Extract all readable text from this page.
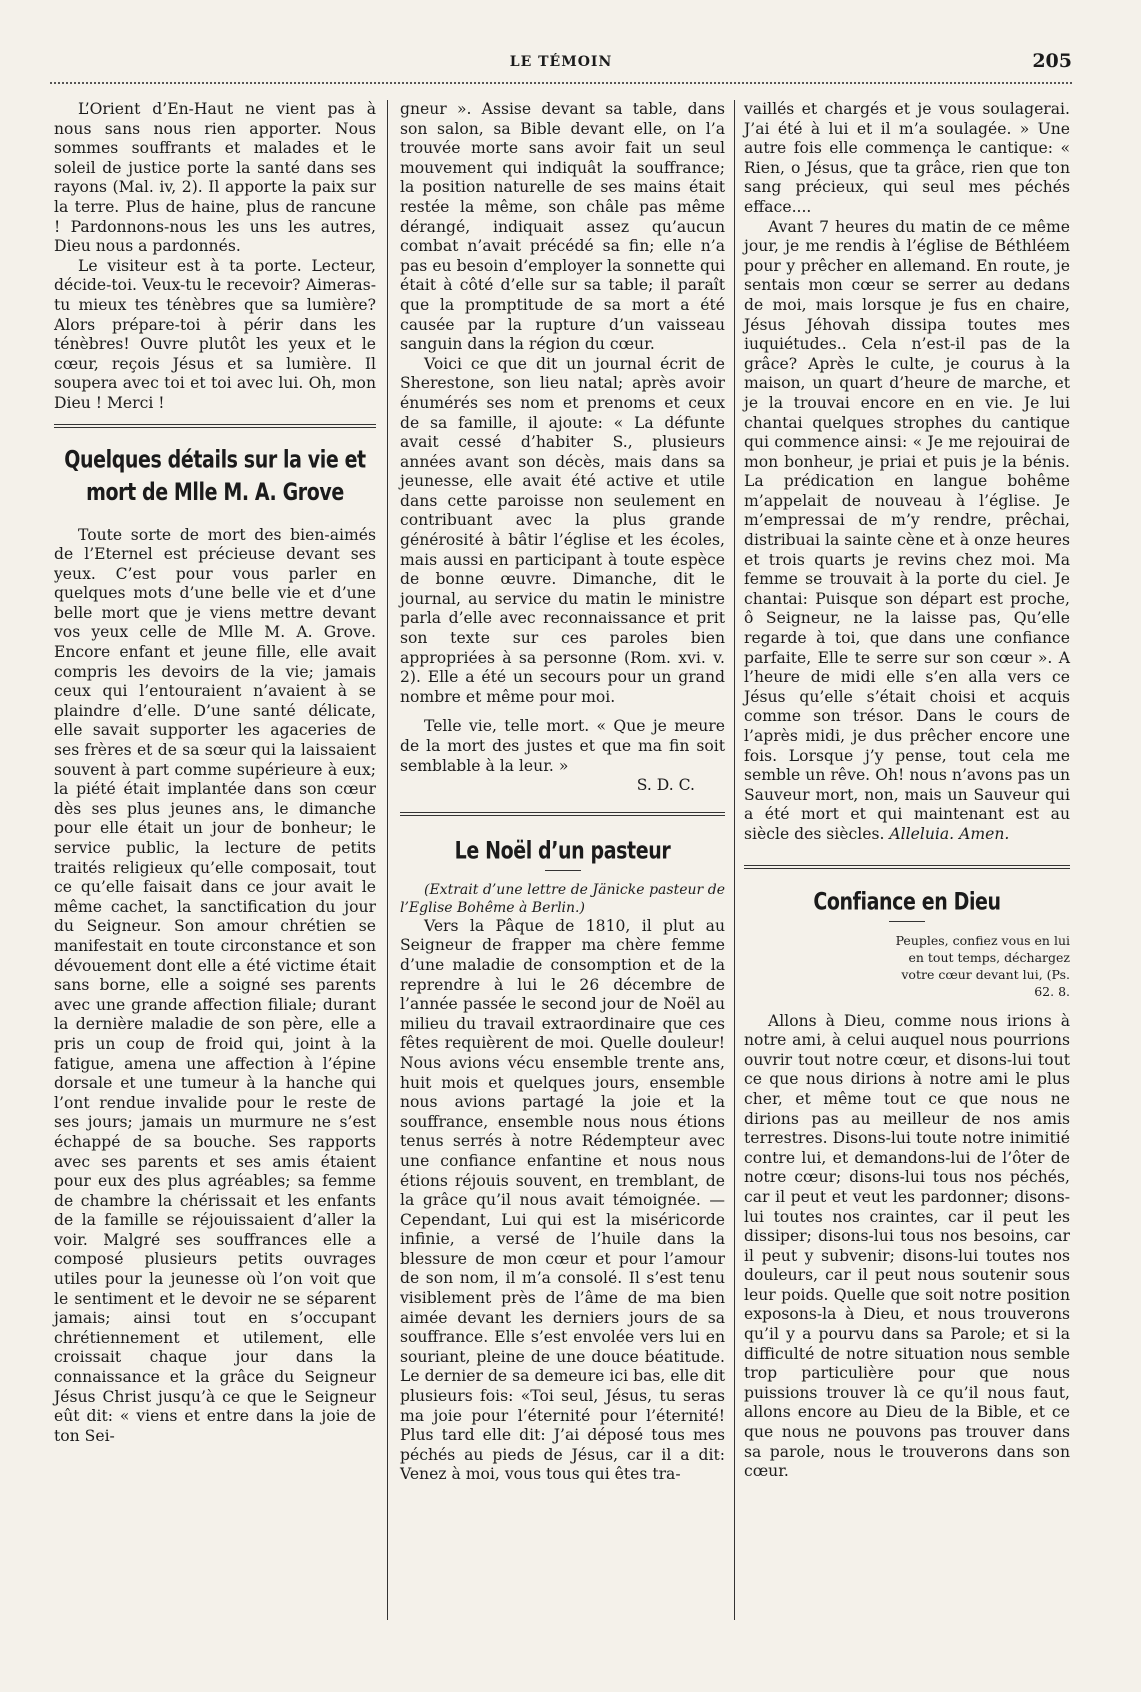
LE TÉMOIN	205

L’Orient d’En-Haut ne vient pas à nous sans nous rien apporter. Nous sommes souffrants et malades et le soleil de justice porte la santé dans ses rayons (Mal. iv, 2). Il apporte la paix sur la terre. Plus de haine, plus de rancune ! Pardonnons-nous les uns les autres, Dieu nous a pardonnés.

Le visiteur est à ta porte. Lecteur, décide-toi. Veux-tu le recevoir? Aimeras-tu mieux tes ténèbres que sa lumière? Alors prépare-toi à périr dans les ténèbres! Ouvre plutôt les yeux et le cœur, reçois Jésus et sa lumière. Il soupera avec toi et toi avec lui. Oh, mon Dieu ! Merci !

Quelques détails sur la vie et mort de Mlle M. A. Grove

Toute sorte de mort des bien-aimés de l’Eternel est précieuse devant ses yeux. C’est pour vous parler en quelques mots d’une belle vie et d’une belle mort que je viens mettre devant vos yeux celle de Mlle M. A. Grove. Encore enfant et jeune fille, elle avait compris les devoirs de la vie; jamais ceux qui l’entouraient n’avaient à se plaindre d’elle. D’une santé délicate, elle savait supporter les agaceries de ses frères et de sa sœur qui la laissaient souvent à part comme supérieure à eux; la piété était implantée dans son cœur dès ses plus jeunes ans, le dimanche pour elle était un jour de bonheur; le service public, la lecture de petits traités religieux qu’elle composait, tout ce qu’elle faisait dans ce jour avait le même cachet, la sanctification du jour du Seigneur. Son amour chrétien se manifestait en toute circonstance et son dévouement dont elle a été victime était sans borne, elle a soigné ses parents avec une grande affection filiale; durant la dernière maladie de son père, elle a pris un coup de froid qui, joint à la fatigue, amena une affection à l’épine dorsale et une tumeur à la hanche qui l’ont rendue invalide pour le reste de ses jours; jamais un murmure ne s’est échappé de sa bouche. Ses rapports avec ses parents et ses amis étaient pour eux des plus agréables; sa femme de chambre la chérissait et les enfants de la famille se réjouissaient d’aller la voir. Malgré ses souffrances elle a composé plusieurs petits ouvrages utiles pour la jeunesse où l’on voit que le sentiment et le devoir ne se séparent jamais; ainsi tout en s’occupant chrétiennement et utilement, elle croissait chaque jour dans la connaissance et la grâce du Seigneur Jésus Christ jusqu’à ce que le Seigneur eût dit: « viens et entre dans la joie de ton Sei-

gneur ». Assise devant sa table, dans son salon, sa Bible devant elle, on l’a trouvée morte sans avoir fait un seul mouvement qui indiquât la souffrance; la position naturelle de ses mains était restée la même, son châle pas même dérangé, indiquait assez qu’aucun combat n’avait précédé sa fin; elle n’a pas eu besoin d’employer la sonnette qui était à côté d’elle sur sa table; il paraît que la promptitude de sa mort a été causée par la rupture d’un vaisseau sanguin dans la région du cœur.

Voici ce que dit un journal écrit de Sherestone, son lieu natal; après avoir énumérés ses nom et prenoms et ceux de sa famille, il ajoute: « La défunte avait cessé d’habiter S., plusieurs années avant son décès, mais dans sa jeunesse, elle avait été active et utile dans cette paroisse non seulement en contribuant avec la plus grande générosité à bâtir l’église et les écoles, mais aussi en participant à toute espèce de bonne œuvre. Dimanche, dit le journal, au service du matin le ministre parla d’elle avec reconnaissance et prit son texte sur ces paroles bien appropriées à sa personne (Rom. xvi. v. 2). Elle a été un secours pour un grand nombre et même pour moi.

Telle vie, telle mort. « Que je meure de la mort des justes et que ma fin soit semblable à la leur. »

S. D. C.

Le Noël d’un pasteur

(Extrait d’une lettre de Jänicke pasteur de l’Eglise Bohême à Berlin.)

Vers la Pâque de 1810, il plut au Seigneur de frapper ma chère femme d’une maladie de consomption et de la reprendre à lui le 26 décembre de l’année passée le second jour de Noël au milieu du travail extraordinaire que ces fêtes requièrent de moi. Quelle douleur! Nous avions vécu ensemble trente ans, huit mois et quelques jours, ensemble nous avions partagé la joie et la souffrance, ensemble nous nous étions tenus serrés à notre Rédempteur avec une confiance enfantine et nous nous étions réjouis souvent, en tremblant, de la grâce qu’il nous avait témoignée. — Cependant, Lui qui est la miséricorde infinie, a versé de l’huile dans la blessure de mon cœur et pour l’amour de son nom, il m’a consolé. Il s’est tenu visiblement près de l’âme de ma bien aimée devant les derniers jours de sa souffrance. Elle s’est envolée vers lui en souriant, pleine de une douce béatitude. Le dernier de sa demeure ici bas, elle dit plusieurs fois: «Toi seul, Jésus, tu seras ma joie pour l’éternité pour l’éternité! Plus tard elle dit: J’ai déposé tous mes péchés au pieds de Jésus, car il a dit: Venez à moi, vous tous qui êtes tra-

vaillés et chargés et je vous soulagerai. J’ai été à lui et il m’a soulagée. » Une autre fois elle commença le cantique: « Rien, o Jésus, que ta grâce, rien que ton sang précieux, qui seul mes péchés efface....

Avant 7 heures du matin de ce même jour, je me rendis à l’église de Béthléem pour y prêcher en allemand. En route, je sentais mon cœur se serrer au dedans de moi, mais lorsque je fus en chaire, Jésus Jéhovah dissipa toutes mes iuquiétudes.. Cela n’est-il pas de la grâce? Après le culte, je courus à la maison, un quart d’heure de marche, et je la trouvai encore en en vie. Je lui chantai quelques strophes du cantique qui commence ainsi: « Je me rejouirai de mon bonheur, je priai et puis je la bénis. La prédication en langue bohême m’appelait de nouveau à l’église. Je m’empressai de m’y rendre, prêchai, distribuai la sainte cène et à onze heures et trois quarts je revins chez moi. Ma femme se trouvait à la porte du ciel. Je chantai: Puisque son départ est proche, ô Seigneur, ne la laisse pas, Qu’elle regarde à toi, que dans une confiance parfaite, Elle te serre sur son cœur ». A l’heure de midi elle s’en alla vers ce Jésus qu’elle s’était choisi et acquis comme son trésor. Dans le cours de l’après midi, je dus prêcher encore une fois. Lorsque j’y pense, tout cela me semble un rêve. Oh! nous n’avons pas un Sauveur mort, non, mais un Sauveur qui a été mort et qui maintenant est au siècle des siècles. Alleluia. Amen.

Confiance en Dieu

Peuples, confiez vous en lui en tout temps, déchargez votre cœur devant lui, (Ps. 62. 8.

Allons à Dieu, comme nous irions à notre ami, à celui auquel nous pourrions ouvrir tout notre cœur, et disons-lui tout ce que nous dirions à notre ami le plus cher, et même tout ce que nous ne dirions pas au meilleur de nos amis terrestres. Disons-lui toute notre inimitié contre lui, et demandons-lui de l’ôter de notre cœur; disons-lui tous nos péchés, car il peut et veut les pardonner; disons-lui toutes nos craintes, car il peut les dissiper; disons-lui tous nos besoins, car il peut y subvenir; disons-lui toutes nos douleurs, car il peut nous soutenir sous leur poids. Quelle que soit notre position exposons-la à Dieu, et nous trouverons qu’il y a pourvu dans sa Parole; et si la difficulté de notre situation nous semble trop particulière pour que nous puissions trouver là ce qu’il nous faut, allons encore au Dieu de la Bible, et ce que nous ne pouvons pas trouver dans sa parole, nous le trouverons dans son cœur.
